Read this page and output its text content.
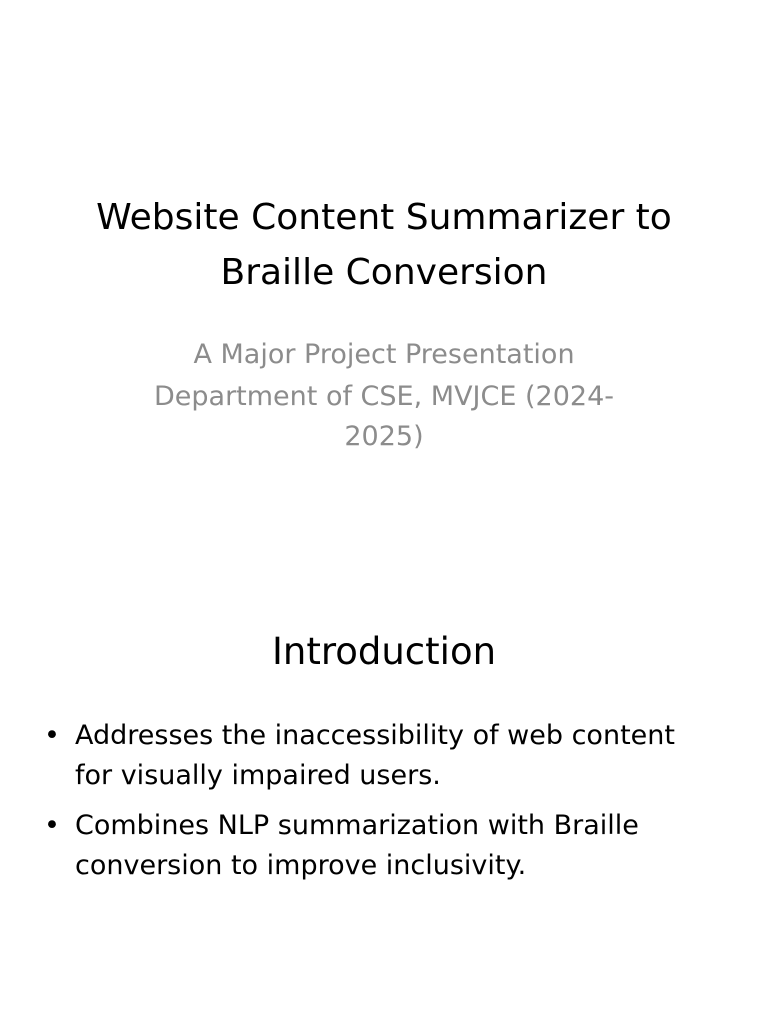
Website Content Summarizer to Braille Conversion
A Major Project Presentation
Department of CSE, MVJCE (2024-2025)
Introduction
• Addresses the inaccessibility of web content for visually impaired users.
• Combines NLP summarization with Braille conversion to improve inclusivity.
